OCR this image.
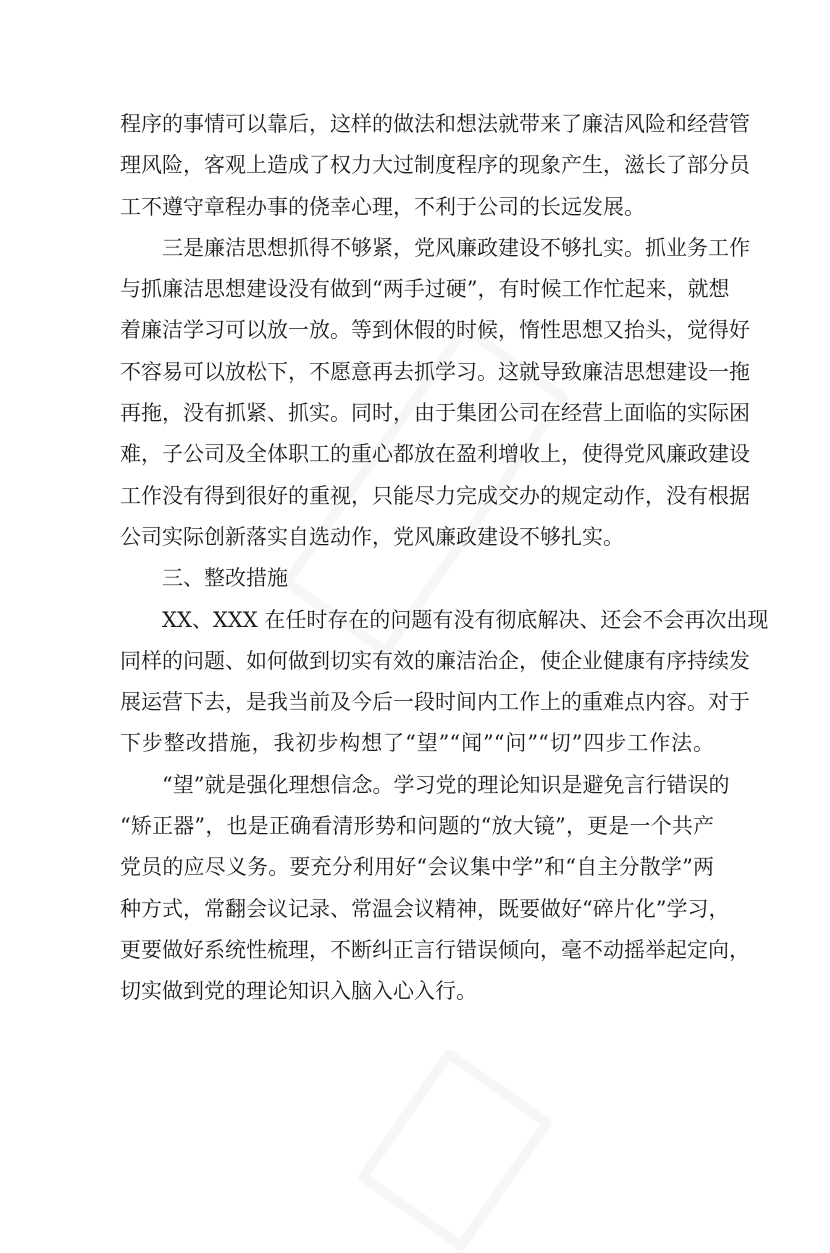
程序的事情可以靠后，这样的做法和想法就带来了廉洁风险和经营管
理风险，客观上造成了权力大过制度程序的现象产生，滋长了部分员
工不遵守章程办事的侥幸心理，不利于公司的长远发展。
三是廉洁思想抓得不够紧，党风廉政建设不够扎实。抓业务工作
与抓廉洁思想建设没有做到“两手过硬”，有时候工作忙起来，就想
着廉洁学习可以放一放。等到休假的时候，惰性思想又抬头，觉得好
不容易可以放松下，不愿意再去抓学习。这就导致廉洁思想建设一拖
再拖，没有抓紧、抓实。同时，由于集团公司在经营上面临的实际困
难，子公司及全体职工的重心都放在盈利增收上，使得党风廉政建设
工作没有得到很好的重视，只能尽力完成交办的规定动作，没有根据
公司实际创新落实自选动作，党风廉政建设不够扎实。
三、整改措施
XX、XXX 在任时存在的问题有没有彻底解决、还会不会再次出现
同样的问题、如何做到切实有效的廉洁治企，使企业健康有序持续发
展运营下去，是我当前及今后一段时间内工作上的重难点内容。对于
下步整改措施，我初步构想了“望”“闻”“问”“切”四步工作法。
“望”就是强化理想信念。学习党的理论知识是避免言行错误的
“矫正器”，也是正确看清形势和问题的“放大镜”，更是一个共产
党员的应尽义务。要充分利用好“会议集中学”和“自主分散学”两
种方式，常翻会议记录、常温会议精神，既要做好“碎片化”学习，
更要做好系统性梳理，不断纠正言行错误倾向，毫不动摇举起定向，
切实做到党的理论知识入脑入心入行。
